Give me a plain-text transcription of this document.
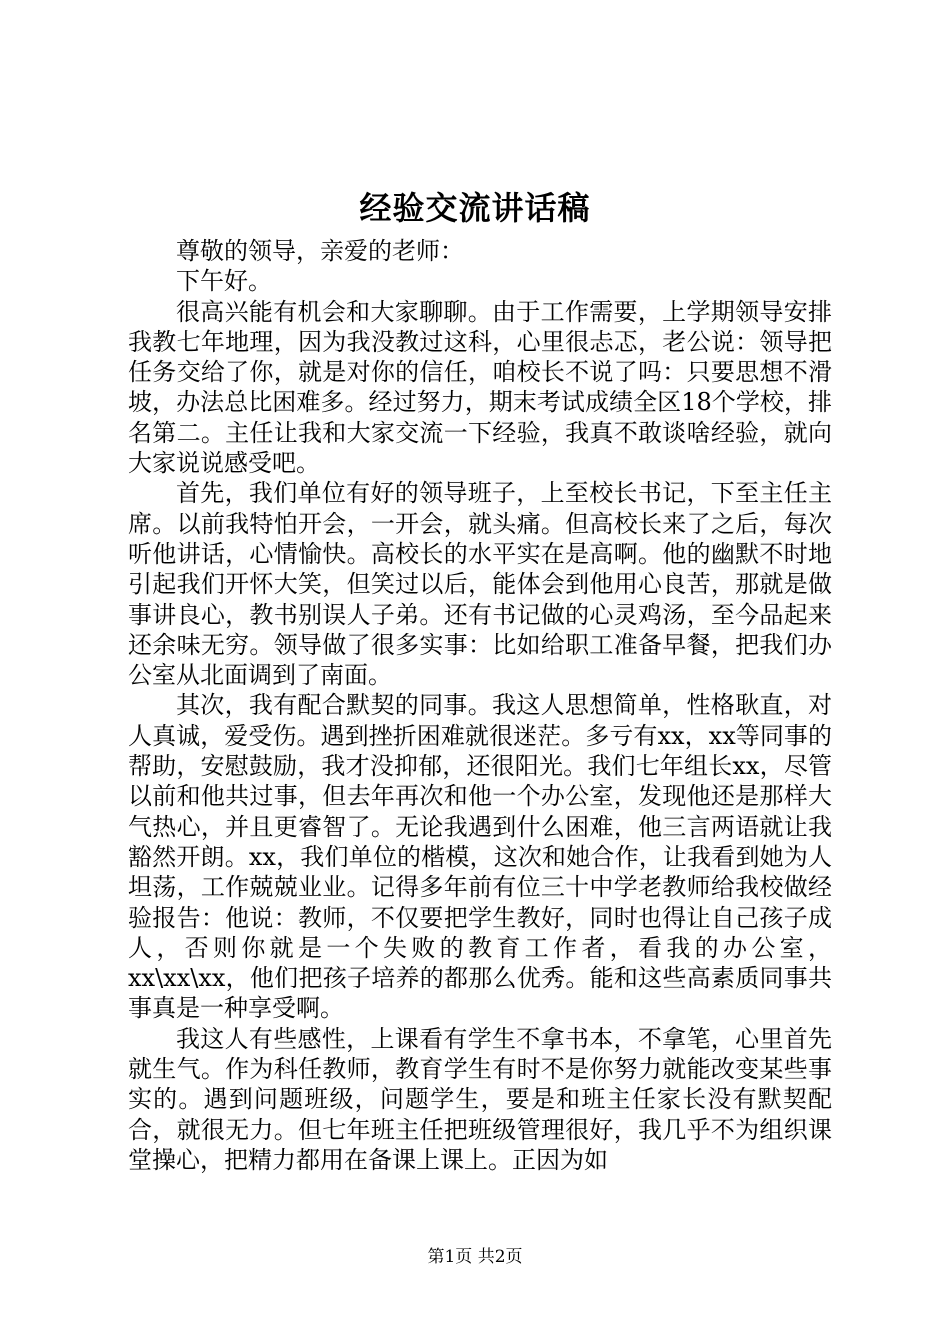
经验交流讲话稿

尊敬的领导，亲爱的老师：

下午好。

很高兴能有机会和大家聊聊。由于工作需要，上学期领导安排我教七年地理，因为我没教过这科，心里很忐忑，老公说：领导把任务交给了你，就是对你的信任，咱校长不说了吗：只要思想不滑坡，办法总比困难多。经过努力，期末考试成绩全区18个学校，排名第二。主任让我和大家交流一下经验，我真不敢谈啥经验，就向大家说说感受吧。

首先，我们单位有好的领导班子，上至校长书记，下至主任主席。以前我特怕开会，一开会，就头痛。但高校长来了之后，每次听他讲话，心情愉快。高校长的水平实在是高啊。他的幽默不时地引起我们开怀大笑，但笑过以后，能体会到他用心良苦，那就是做事讲良心，教书别误人子弟。还有书记做的心灵鸡汤，至今品起来还余味无穷。领导做了很多实事：比如给职工准备早餐，把我们办公室从北面调到了南面。

其次，我有配合默契的同事。我这人思想简单，性格耿直，对人真诚，爱受伤。遇到挫折困难就很迷茫。多亏有xx，xx等同事的帮助，安慰鼓励，我才没抑郁，还很阳光。我们七年组长xx，尽管以前和他共过事，但去年再次和他一个办公室，发现他还是那样大气热心，并且更睿智了。无论我遇到什么困难，他三言两语就让我豁然开朗。xx，我们单位的楷模，这次和她合作，让我看到她为人坦荡，工作兢兢业业。记得多年前有位三十中学老教师给我校做经验报告：他说：教师，不仅要把学生教好，同时也得让自己孩子成人，否则你就是一个失败的教育工作者，看我的办公室，xx\xx\xx，他们把孩子培养的都那么优秀。能和这些高素质同事共事真是一种享受啊。

我这人有些感性，上课看有学生不拿书本，不拿笔，心里首先就生气。作为科任教师，教育学生有时不是你努力就能改变某些事实的。遇到问题班级，问题学生，要是和班主任家长没有默契配合，就很无力。但七年班主任把班级管理很好，我几乎不为组织课堂操心，把精力都用在备课上课上。正因为如

第1页 共2页
